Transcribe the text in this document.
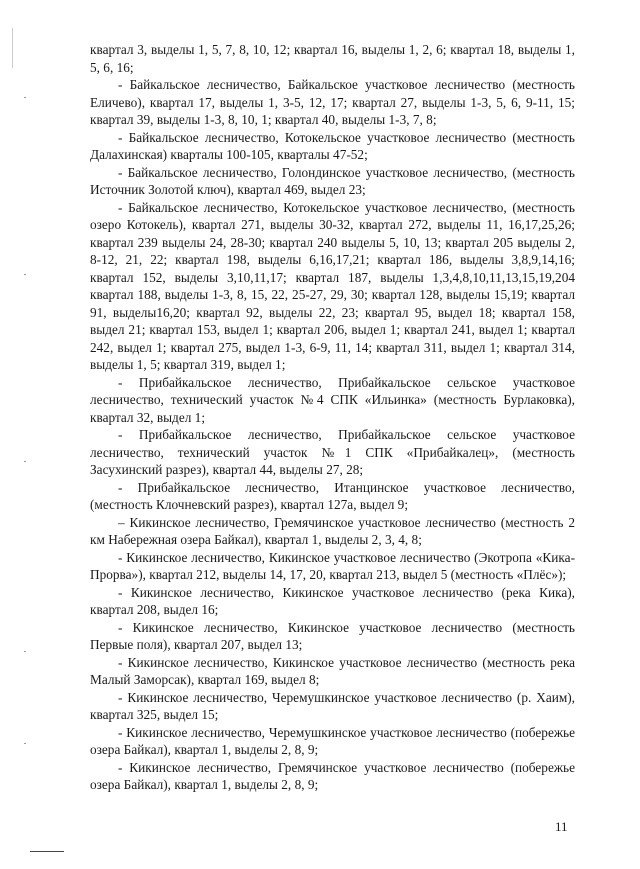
квартал 3, выделы 1, 5, 7, 8, 10, 12; квартал 16, выделы 1, 2, 6; квартал 18, выделы 1, 5, 6, 16;

- Байкальское лесничество, Байкальское участковое лесничество (местность Еличево), квартал 17, выделы 1, 3-5, 12, 17; квартал 27, выделы 1-3, 5, 6, 9-11, 15; квартал 39, выделы 1-3, 8, 10, 1; квартал 40, выделы 1-3, 7, 8;

- Байкальское лесничество, Котокельское участковое лесничество (местность Далахинская) кварталы 100-105, кварталы 47-52;

- Байкальское лесничество, Голондинское участковое лесничество, (местность Источник Золотой ключ), квартал 469, выдел 23;

- Байкальское лесничество, Котокельское участковое лесничество, (местность озеро Котокель), квартал 271, выделы 30-32, квартал 272, выделы 11, 16,17,25,26; квартал 239 выделы 24, 28-30; квартал 240 выделы 5, 10, 13; квартал 205 выделы 2, 8-12, 21, 22; квартал 198, выделы 6,16,17,21; квартал 186, выделы 3,8,9,14,16; квартал 152, выделы 3,10,11,17; квартал 187, выделы 1,3,4,8,10,11,13,15,19,204 квартал 188, выделы 1-3, 8, 15, 22, 25-27, 29, 30; квартал 128, выделы 15,19; квартал 91, выделы16,20; квартал 92, выделы 22, 23; квартал 95, выдел 18; квартал 158, выдел 21; квартал 153, выдел 1; квартал 206, выдел 1; квартал 241, выдел 1; квартал 242, выдел 1; квартал 275, выдел 1-3, 6-9, 11, 14; квартал 311, выдел 1; квартал 314, выделы 1, 5; квартал 319, выдел 1;

- Прибайкальское лесничество, Прибайкальское сельское участковое лесничество, технический участок №4 СПК «Ильинка» (местность Бурлаковка), квартал 32, выдел 1;

- Прибайкальское лесничество, Прибайкальское сельское участковое лесничество, технический участок №1 СПК «Прибайкалец», (местность Засухинский разрез), квартал 44, выделы 27, 28;

- Прибайкальское лесничество, Итанцинское участковое лесничество, (местность Клочневский разрез), квартал 127а, выдел 9;

– Кикинское лесничество, Гремячинское участковое лесничество (местность 2 км Набережная озера Байкал), квартал 1, выделы 2, 3, 4, 8;

- Кикинское лесничество, Кикинское участковое лесничество (Экотропа «Кика-Прорва»), квартал 212, выделы 14, 17, 20, квартал 213, выдел 5 (местность «Плёс»);

- Кикинское лесничество, Кикинское участковое лесничество (река Кика), квартал 208, выдел 16;

- Кикинское лесничество, Кикинское участковое лесничество (местность Первые поля), квартал 207, выдел 13;

- Кикинское лесничество, Кикинское участковое лесничество (местность река Малый Заморсак), квартал 169, выдел 8;

- Кикинское лесничество, Черемушкинское участковое лесничество (р. Хаим), квартал 325, выдел 15;

- Кикинское лесничество, Черемушкинское участковое лесничество (побережье озера Байкал), квартал 1, выделы 2, 8, 9;

- Кикинское лесничество, Гремячинское участковое лесничество (побережье озера Байкал), квартал 1, выделы 2, 8, 9;

11
